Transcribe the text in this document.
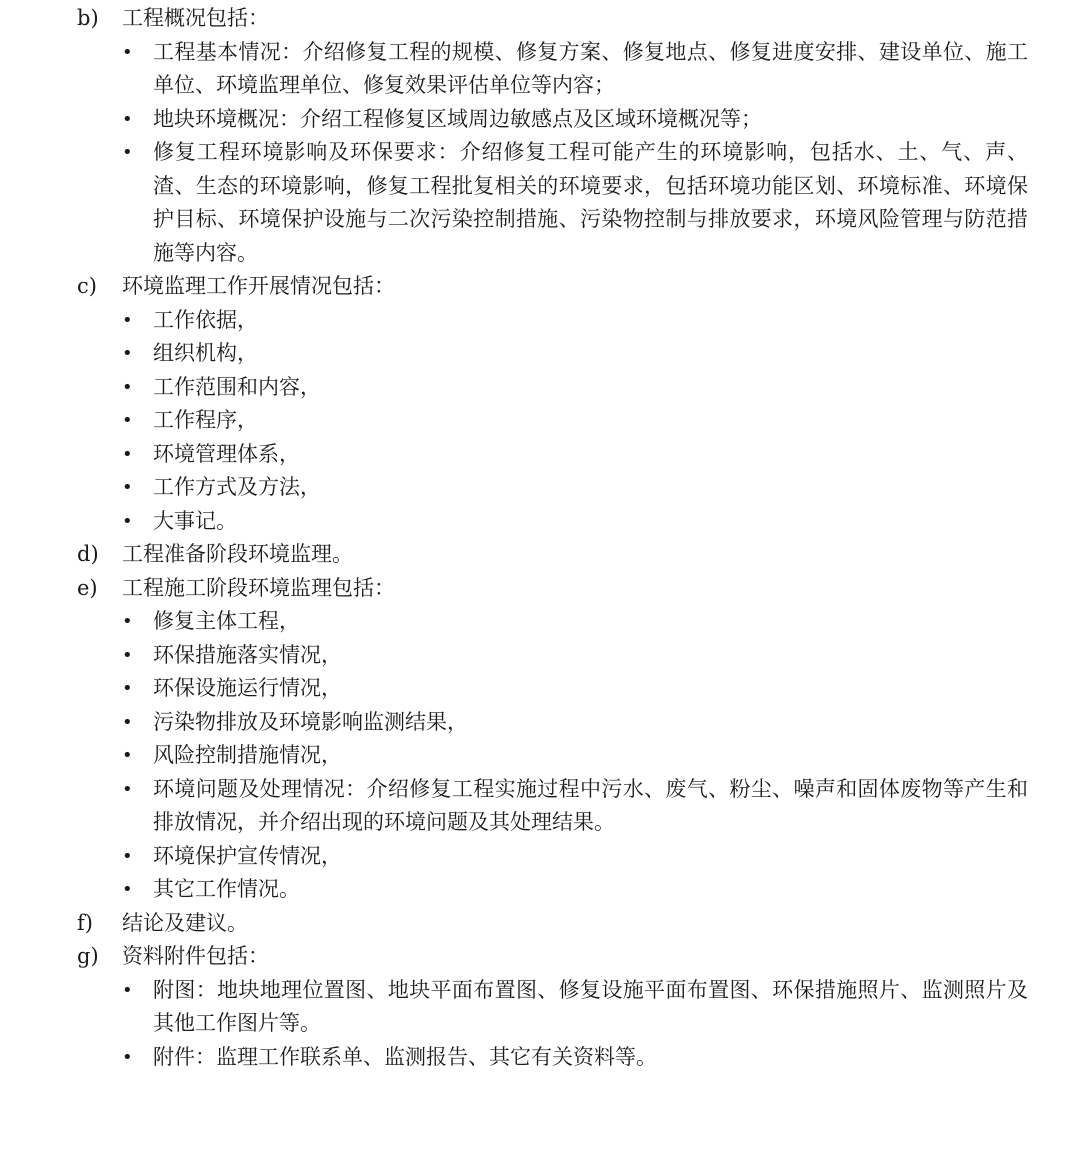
b) 工程概况包括：
• 工程基本情况：介绍修复工程的规模、修复方案、修复地点、修复进度安排、建设单位、施工单位、环境监理单位、修复效果评估单位等内容；
• 地块环境概况：介绍工程修复区域周边敏感点及区域环境概况等；
• 修复工程环境影响及环保要求：介绍修复工程可能产生的环境影响，包括水、土、气、声、渣、生态的环境影响，修复工程批复相关的环境要求，包括环境功能区划、环境标准、环境保护目标、环境保护设施与二次污染控制措施、污染物控制与排放要求，环境风险管理与防范措施等内容。
c) 环境监理工作开展情况包括：
• 工作依据，
• 组织机构，
• 工作范围和内容，
• 工作程序，
• 环境管理体系，
• 工作方式及方法，
• 大事记。
d) 工程准备阶段环境监理。
e) 工程施工阶段环境监理包括：
• 修复主体工程，
• 环保措施落实情况，
• 环保设施运行情况，
• 污染物排放及环境影响监测结果，
• 风险控制措施情况，
• 环境问题及处理情况：介绍修复工程实施过程中污水、废气、粉尘、噪声和固体废物等产生和排放情况，并介绍出现的环境问题及其处理结果。
• 环境保护宣传情况，
• 其它工作情况。
f) 结论及建议。
g) 资料附件包括：
• 附图：地块地理位置图、地块平面布置图、修复设施平面布置图、环保措施照片、监测照片及其他工作图片等。
• 附件：监理工作联系单、监测报告、其它有关资料等。
